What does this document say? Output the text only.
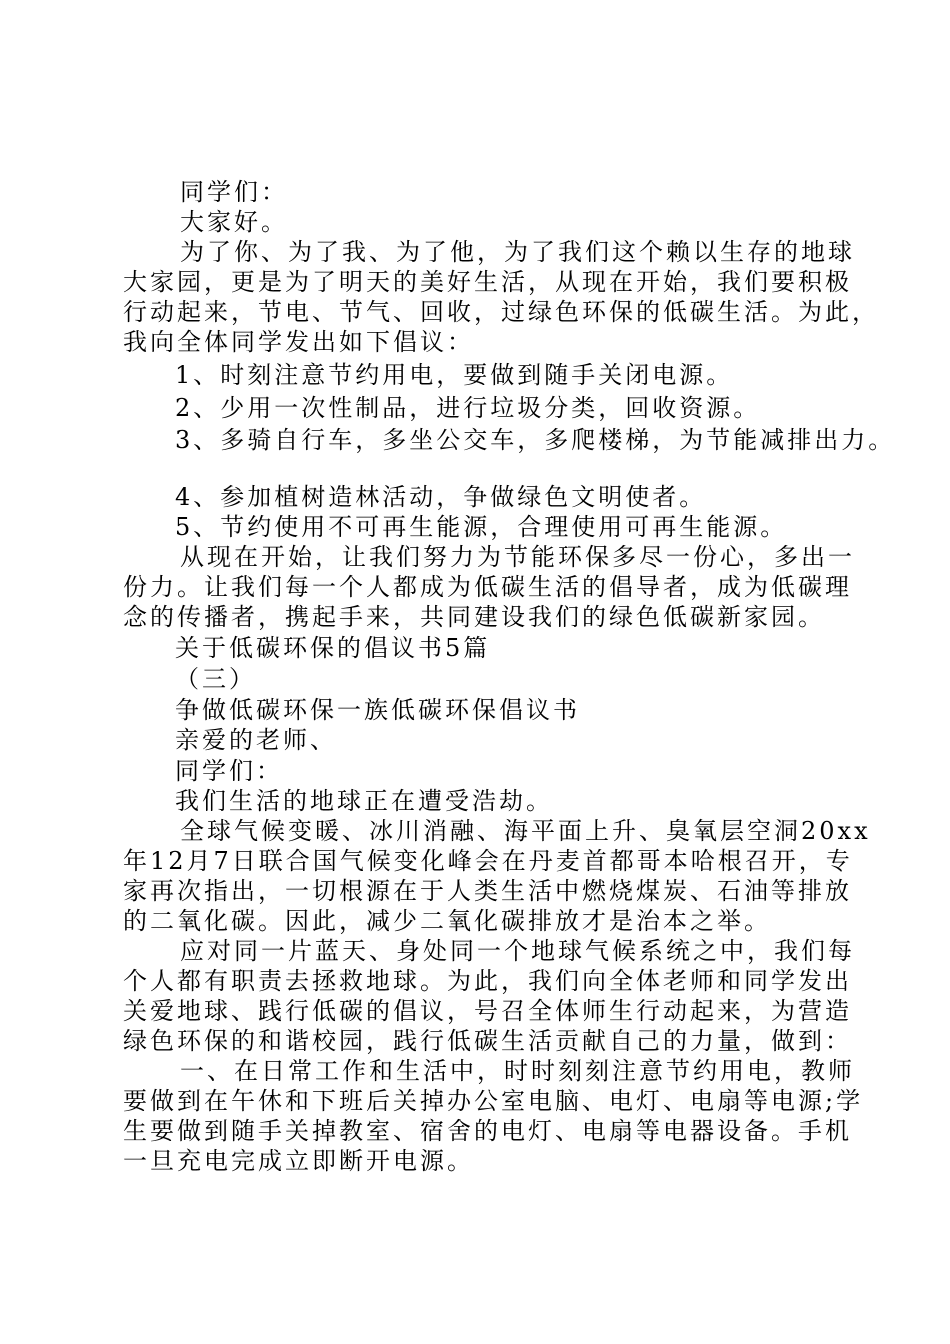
同学们：
大家好。
为了你、为了我、为了他，为了我们这个赖以生存的地球
大家园，更是为了明天的美好生活，从现在开始，我们要积极
行动起来，节电、节气、回收，过绿色环保的低碳生活。为此，
我向全体同学发出如下倡议：
1、时刻注意节约用电，要做到随手关闭电源。
2、少用一次性制品，进行垃圾分类，回收资源。
3、多骑自行车，多坐公交车，多爬楼梯，为节能减排出力。
4、参加植树造林活动，争做绿色文明使者。
5、节约使用不可再生能源，合理使用可再生能源。
从现在开始，让我们努力为节能环保多尽一份心，多出一
份力。让我们每一个人都成为低碳生活的倡导者，成为低碳理
念的传播者，携起手来，共同建设我们的绿色低碳新家园。
关于低碳环保的倡议书5篇
（三）
争做低碳环保一族低碳环保倡议书
亲爱的老师、
同学们：
我们生活的地球正在遭受浩劫。
全球气候变暖、冰川消融、海平面上升、臭氧层空洞20xx
年12月7日联合国气候变化峰会在丹麦首都哥本哈根召开，专
家再次指出，一切根源在于人类生活中燃烧煤炭、石油等排放
的二氧化碳。因此，减少二氧化碳排放才是治本之举。
应对同一片蓝天、身处同一个地球气候系统之中，我们每
个人都有职责去拯救地球。为此，我们向全体老师和同学发出
关爱地球、践行低碳的倡议，号召全体师生行动起来，为营造
绿色环保的和谐校园，践行低碳生活贡献自己的力量，做到：
一、在日常工作和生活中，时时刻刻注意节约用电，教师
要做到在午休和下班后关掉办公室电脑、电灯、电扇等电源;学
生要做到随手关掉教室、宿舍的电灯、电扇等电器设备。手机
一旦充电完成立即断开电源。
